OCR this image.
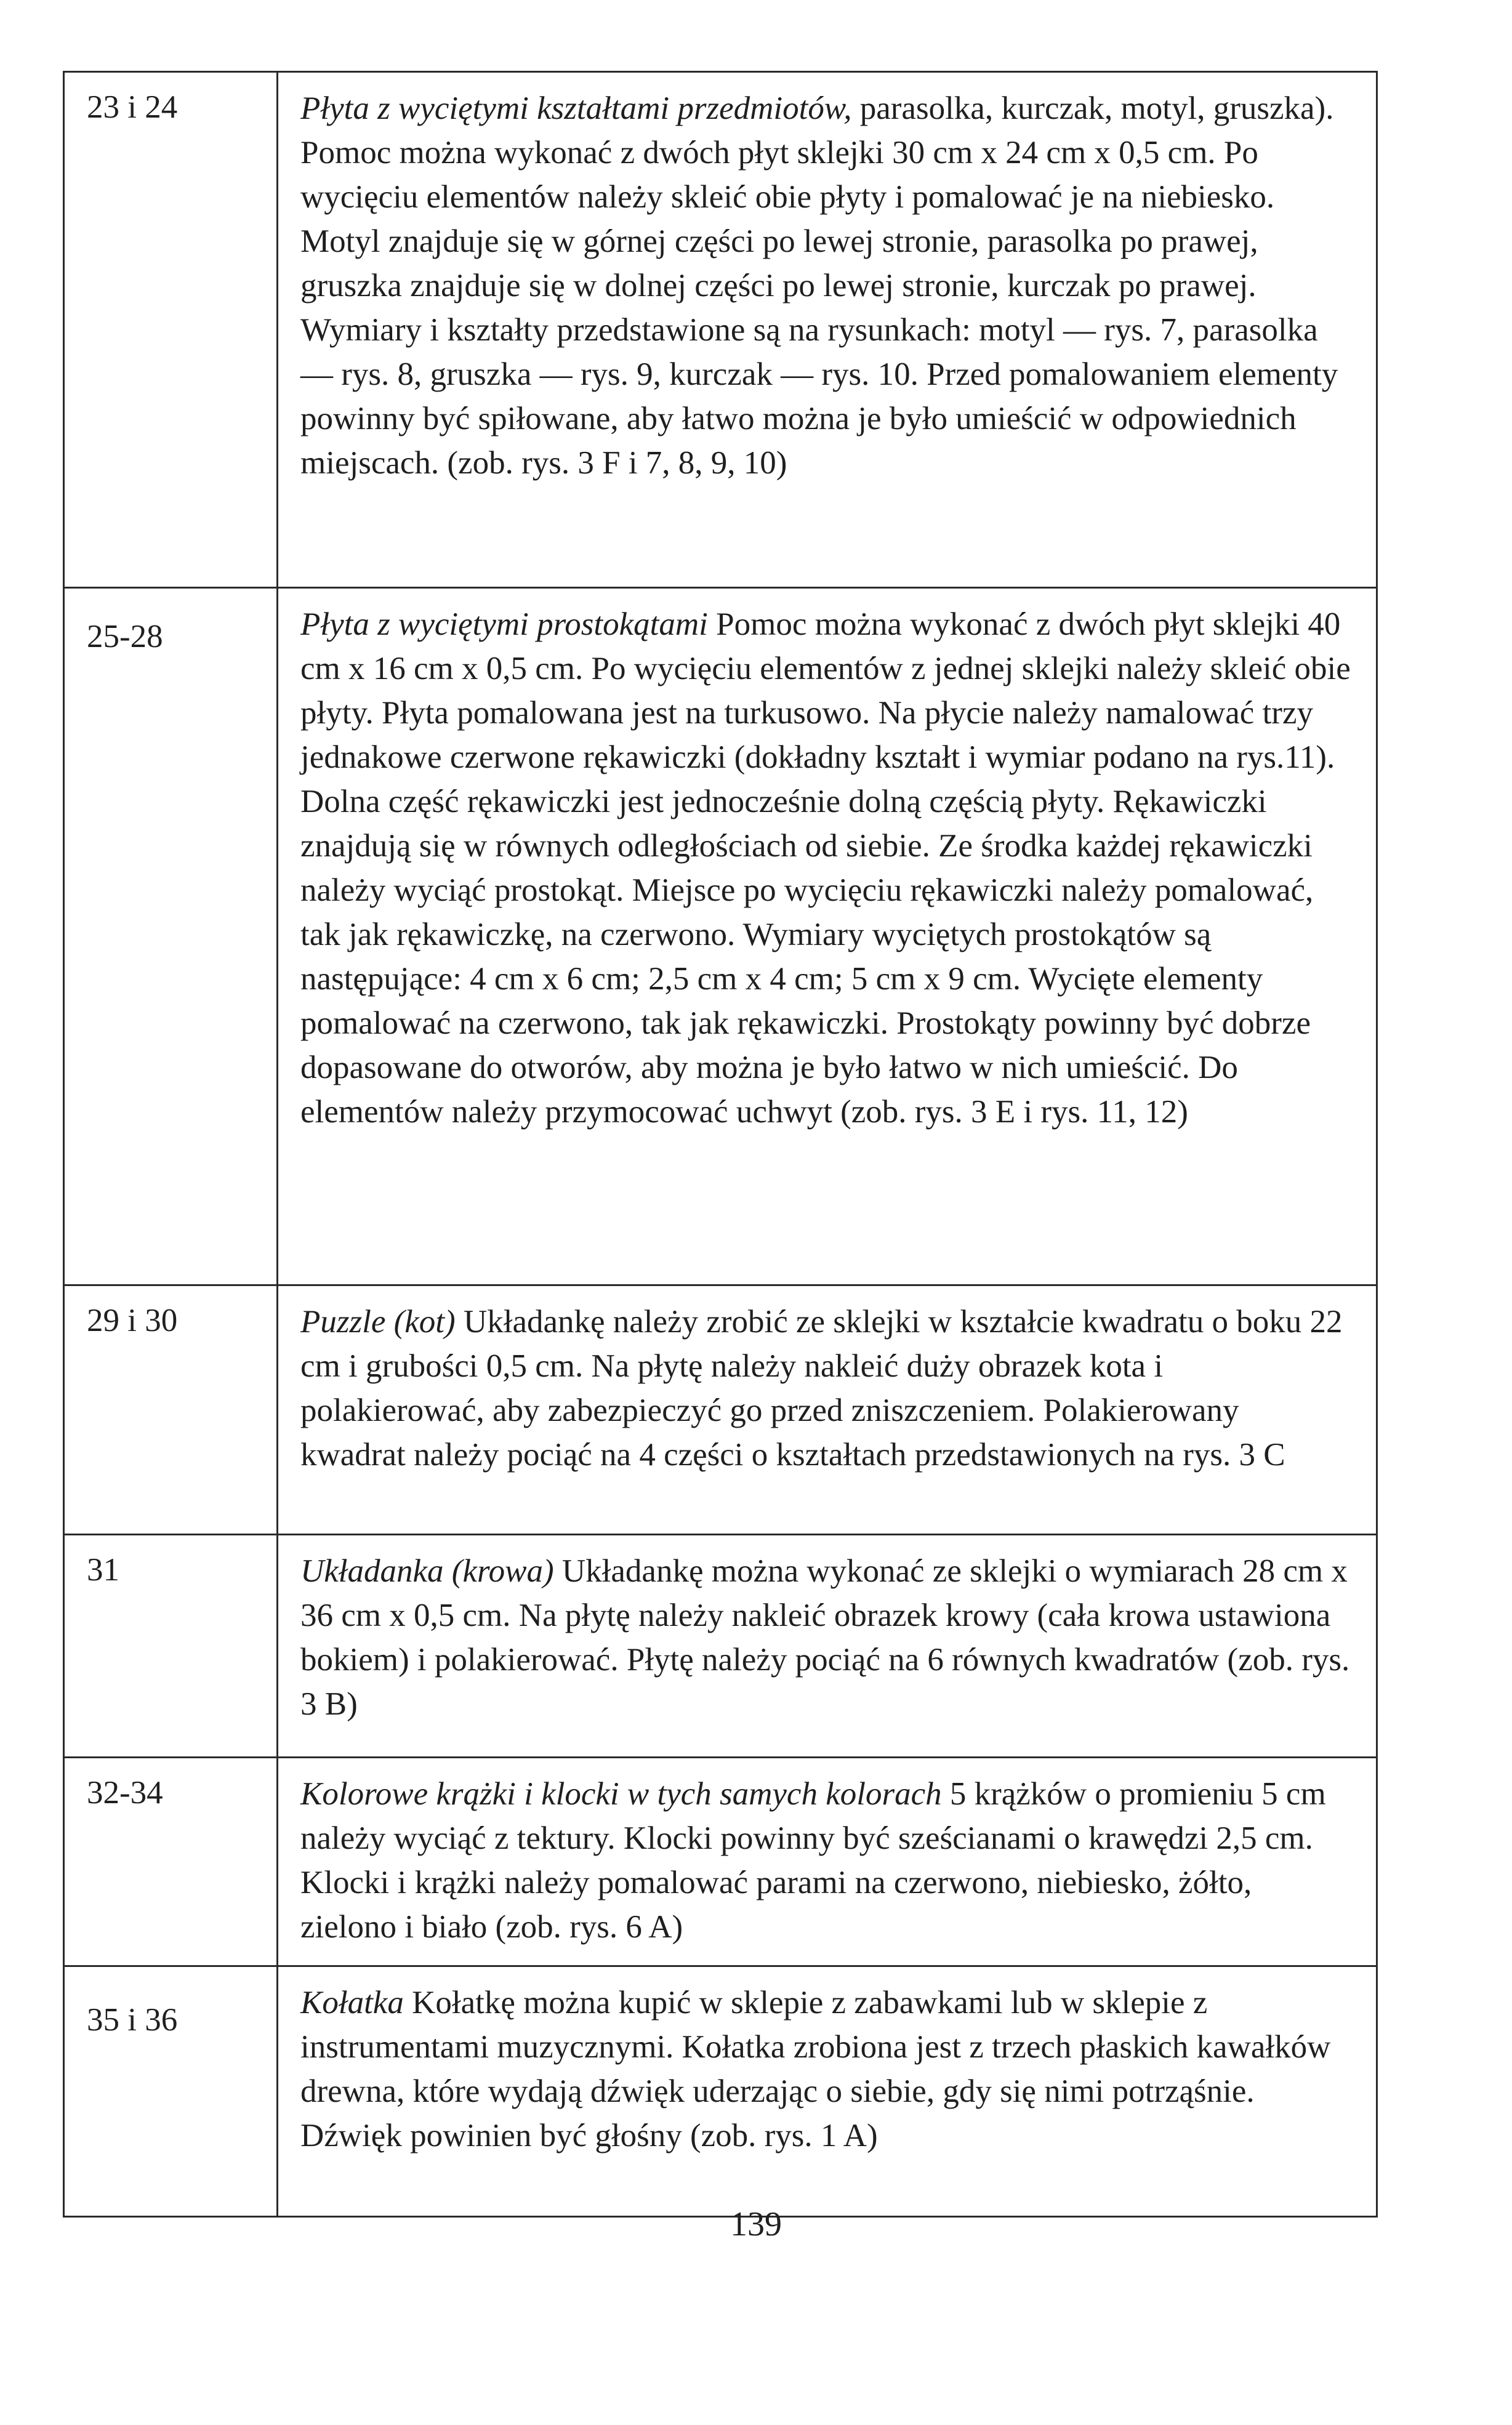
23 i 24	Płyta z wyciętymi kształtami przedmiotów, parasolka, kurczak, motyl, gruszka). Pomoc można wykonać z dwóch płyt sklejki 30 cm x 24 cm x 0,5 cm. Po wycięciu elementów należy skleić obie płyty i pomalować je na niebiesko. Motyl znajduje się w górnej części po lewej stronie, parasolka po prawej, gruszka znajduje się w dolnej części po lewej stronie, kurczak po prawej. Wymiary i kształty przedstawione są na rysunkach: motyl — rys. 7, parasolka — rys. 8, gruszka — rys. 9, kurczak — rys. 10. Przed pomalowaniem elementy powinny być spiłowane, aby łatwo można je było umieścić w odpowiednich miejscach. (zob. rys. 3 F i 7, 8, 9, 10)
25-28	Płyta z wyciętymi prostokątami Pomoc można wykonać z dwóch płyt sklejki 40 cm x 16 cm x 0,5 cm. Po wycięciu elementów z jednej sklejki należy skleić obie płyty. Płyta pomalowana jest na turkusowo. Na płycie należy namalować trzy jednakowe czerwone rękawiczki (dokładny kształt i wymiar podano na rys.11). Dolna część rękawiczki jest jednocześnie dolną częścią płyty. Rękawiczki znajdują się w równych odległościach od siebie. Ze środka każdej rękawiczki należy wyciąć prostokąt. Miejsce po wycięciu rękawiczki należy pomalować, tak jak rękawiczkę, na czerwono. Wymiary wyciętych prostokątów są następujące: 4 cm x 6 cm; 2,5 cm x 4 cm; 5 cm x 9 cm. Wycięte elementy pomalować na czerwono, tak jak rękawiczki. Prostokąty powinny być dobrze dopasowane do otworów, aby można je było łatwo w nich umieścić. Do elementów należy przymocować uchwyt (zob. rys. 3 E i rys. 11, 12)
29 i 30	Puzzle (kot) Układankę należy zrobić ze sklejki w kształcie kwadratu o boku 22 cm i grubości 0,5 cm. Na płytę należy nakleić duży obrazek kota i polakierować, aby zabezpieczyć go przed zniszczeniem. Polakierowany kwadrat należy pociąć na 4 części o kształtach przedstawionych na rys. 3 C
31	Układanka (krowa) Układankę można wykonać ze sklejki o wymiarach 28 cm x 36 cm x 0,5 cm. Na płytę należy nakleić obrazek krowy (cała krowa ustawiona bokiem) i polakierować. Płytę należy pociąć na 6 równych kwadratów (zob. rys. 3 B)
32-34	Kolorowe krążki i klocki w tych samych kolorach 5 krążków o promieniu 5 cm należy wyciąć z tektury. Klocki powinny być sześcianami o krawędzi 2,5 cm. Klocki i krążki należy pomalować parami na czerwono, niebiesko, żółto, zielono i biało (zob. rys. 6 A)
35 i 36	Kołatka Kołatkę można kupić w sklepie z zabawkami lub w sklepie z instrumentami muzycznymi. Kołatka zrobiona jest z trzech płaskich kawałków drewna, które wydają dźwięk uderzając o siebie, gdy się nimi potrząśnie. Dźwięk powinien być głośny (zob. rys. 1 A)
139
